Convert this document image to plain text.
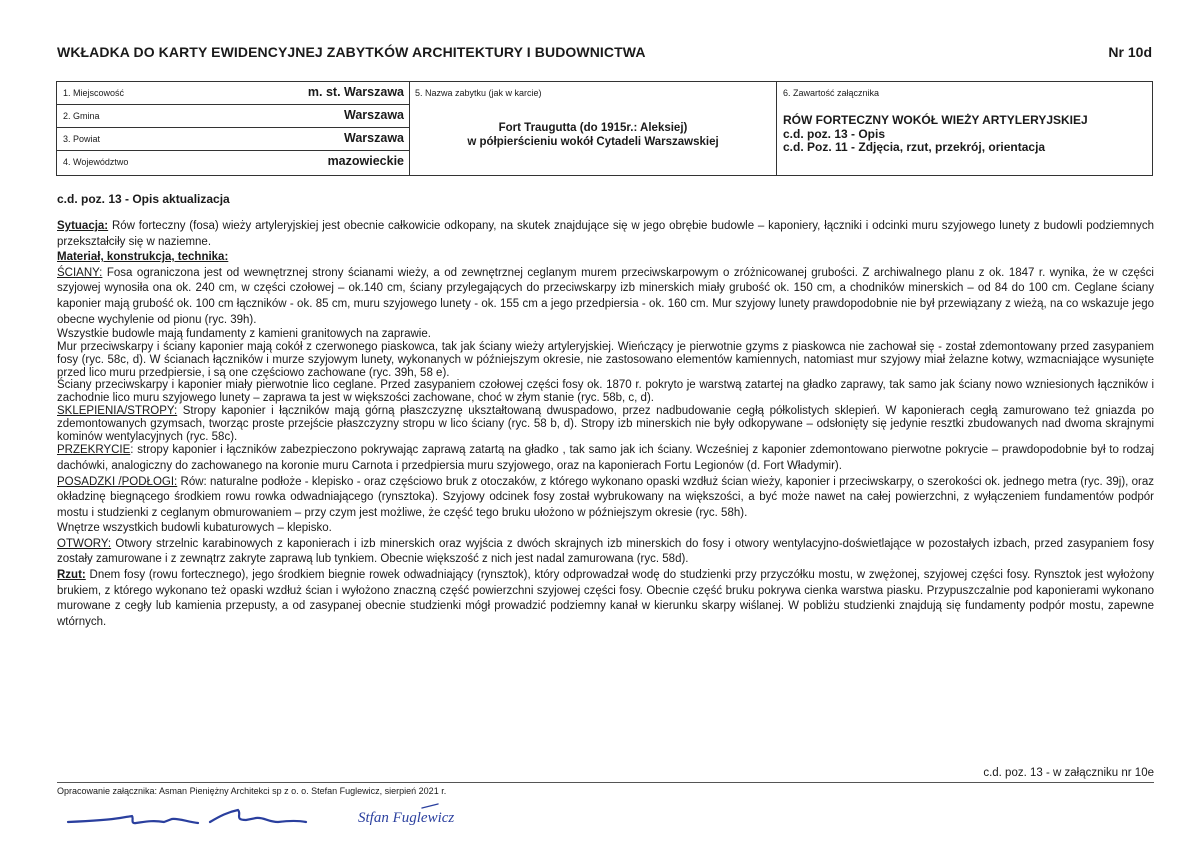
WKŁADKA DO KARTY EWIDENCYJNEJ ZABYTKÓW ARCHITEKTURY I BUDOWNICTWA	Nr 10d
1. Miejscowość	m. st. Warszawa
2. Gmina	Warszawa
3. Powiat	Warszawa
4. Województwo	mazowieckie
5. Nazwa zabytku (jak w karcie)
Fort Traugutta (do 1915r.: Aleksiej)
w półpierścieniu wokół Cytadeli Warszawskiej
6. Zawartość załącznika
RÓW FORTECZNY WOKÓŁ WIEŻY ARTYLERYJSKIEJ
c.d. poz. 13 - Opis
c.d. Poz. 11 - Zdjęcia, rzut, przekrój, orientacja
c.d. poz. 13 - Opis aktualizacja

Sytuacja: Rów forteczny (fosa) wieży artyleryjskiej jest obecnie całkowicie odkopany, na skutek znajdujące się w jego obrębie budowle – kaponiery, łączniki i odcinki muru szyjowego lunety z budowli podziemnych przekształciły się w naziemne.

Materiał, konstrukcja, technika:

ŚCIANY: Fosa ograniczona jest od wewnętrznej strony ścianami wieży, a od zewnętrznej ceglanym murem przeciwskarpowym o zróżnicowanej grubości. Z archiwalnego planu z ok. 1847 r. wynika, że w części szyjowej wynosiła ona ok. 240 cm, w części czołowej – ok.140 cm, ściany przylegających do przeciwskarpy izb minerskich miały grubość ok. 150 cm, a chodników minerskich – od 84 do 100 cm. Ceglane ściany kaponier mają grubość ok. 100 cm łączników - ok. 85 cm, muru szyjowego lunety - ok. 155 cm a jego przedpiersia - ok. 160 cm. Mur szyjowy lunety prawdopodobnie nie był przewiązany z wieżą, na co wskazuje jego obecne wychylenie od pionu (ryc. 39h).

Wszystkie budowle mają fundamenty z kamieni granitowych na zaprawie.

Mur przeciwskarpy i ściany kaponier mają cokół z czerwonego piaskowca, tak jak ściany wieży artyleryjskiej. Wieńczący je pierwotnie gzyms z piaskowca nie zachował się - został zdemontowany przed zasypaniem fosy (ryc. 58c, d). W ścianach łączników i murze szyjowym lunety, wykonanych w późniejszym okresie, nie zastosowano elementów kamiennych, natomiast mur szyjowy miał żelazne kotwy, wzmacniające wysunięte przed lico muru przedpiersie, i są one częściowo zachowane (ryc. 39h, 58 e).

Ściany przeciwskarpy i kaponier miały pierwotnie lico ceglane. Przed zasypaniem czołowej części fosy ok. 1870 r. pokryto je warstwą zatartej na gładko zaprawy, tak samo jak ściany nowo wzniesionych łączników i zachodnie lico muru szyjowego lunety – zaprawa ta jest w większości zachowane, choć w złym stanie (ryc. 58b, c, d).

SKLEPIENIA/STROPY: Stropy kaponier i łączników mają górną płaszczyznę ukształtowaną dwuspadowo, przez nadbudowanie cegłą półkolistych sklepień. W kaponierach cegłą zamurowano też gniazda po zdemontowanych gzymsach, tworząc proste przejście płaszczyzny stropu w lico ściany (ryc. 58 b, d). Stropy izb minerskich nie były odkopywane – odsłonięty się jedynie resztki zbudowanych nad dwoma skrajnymi kominów wentylacyjnych (ryc. 58c).

PRZEKRYCIE: stropy kaponier i łączników zabezpieczono pokrywając zaprawą zatartą na gładko , tak samo jak ich ściany. Wcześniej z kaponier zdemontowano pierwotne pokrycie – prawdopodobnie był to rodzaj dachówki, analogiczny do zachowanego na koronie muru Carnota i przedpiersia muru szyjowego, oraz na kaponierach Fortu Legionów (d. Fort Władymir).

POSADZKI /PODŁOGI: Rów: naturalne podłoże - klepisko - oraz częściowo bruk z otoczaków, z którego wykonano opaski wzdłuż ścian wieży, kaponier i przeciwskarpy, o szerokości ok. jednego metra (ryc. 39j), oraz okładzinę biegnącego środkiem rowu rowka odwadniającego (rynsztoka). Szyjowy odcinek fosy został wybrukowany na większości, a być może nawet na całej powierzchni, z wyłączeniem fundamentów podpór mostu i studzienki z ceglanym obmurowaniem – przy czym jest możliwe, że część tego bruku ułożono w późniejszym okresie (ryc. 58h).

Wnętrze wszystkich budowli kubaturowych – klepisko.

OTWORY: Otwory strzelnic karabinowych z kaponierach i izb minerskich oraz wyjścia z dwóch skrajnych izb minerskich do fosy i otwory wentylacyjno-doświetlające w pozostałych izbach, przed zasypaniem fosy zostały zamurowane i z zewnątrz zakryte zaprawą lub tynkiem. Obecnie większość z nich jest nadal zamurowana (ryc. 58d).

Rzut: Dnem fosy (rowu fortecznego), jego środkiem biegnie rowek odwadniający (rynsztok), który odprowadzał wodę do studzienki przy przyczółku mostu, w zwężonej, szyjowej części fosy. Rynsztok jest wyłożony brukiem, z którego wykonano też opaski wzdłuż ścian i wyłożono znaczną część powierzchni szyjowej części fosy. Obecnie część bruku pokrywa cienka warstwa piasku. Przypuszczalnie pod kaponierami wykonano murowane z cegły lub kamienia przepusty, a od zasypanej obecnie studzienki mógł prowadzić podziemny kanał w kierunku skarpy wiślanej. W pobliżu studzienki znajdują się fundamenty podpór mostu, zapewne wtórnych.

c.d. poz. 13 - w załączniku nr 10e
Opracowanie załącznika: Asman Pieniężny Architekci sp z o. o. Stefan Fuglewicz, sierpień 2021 r.
Stfan Fuglewicz
